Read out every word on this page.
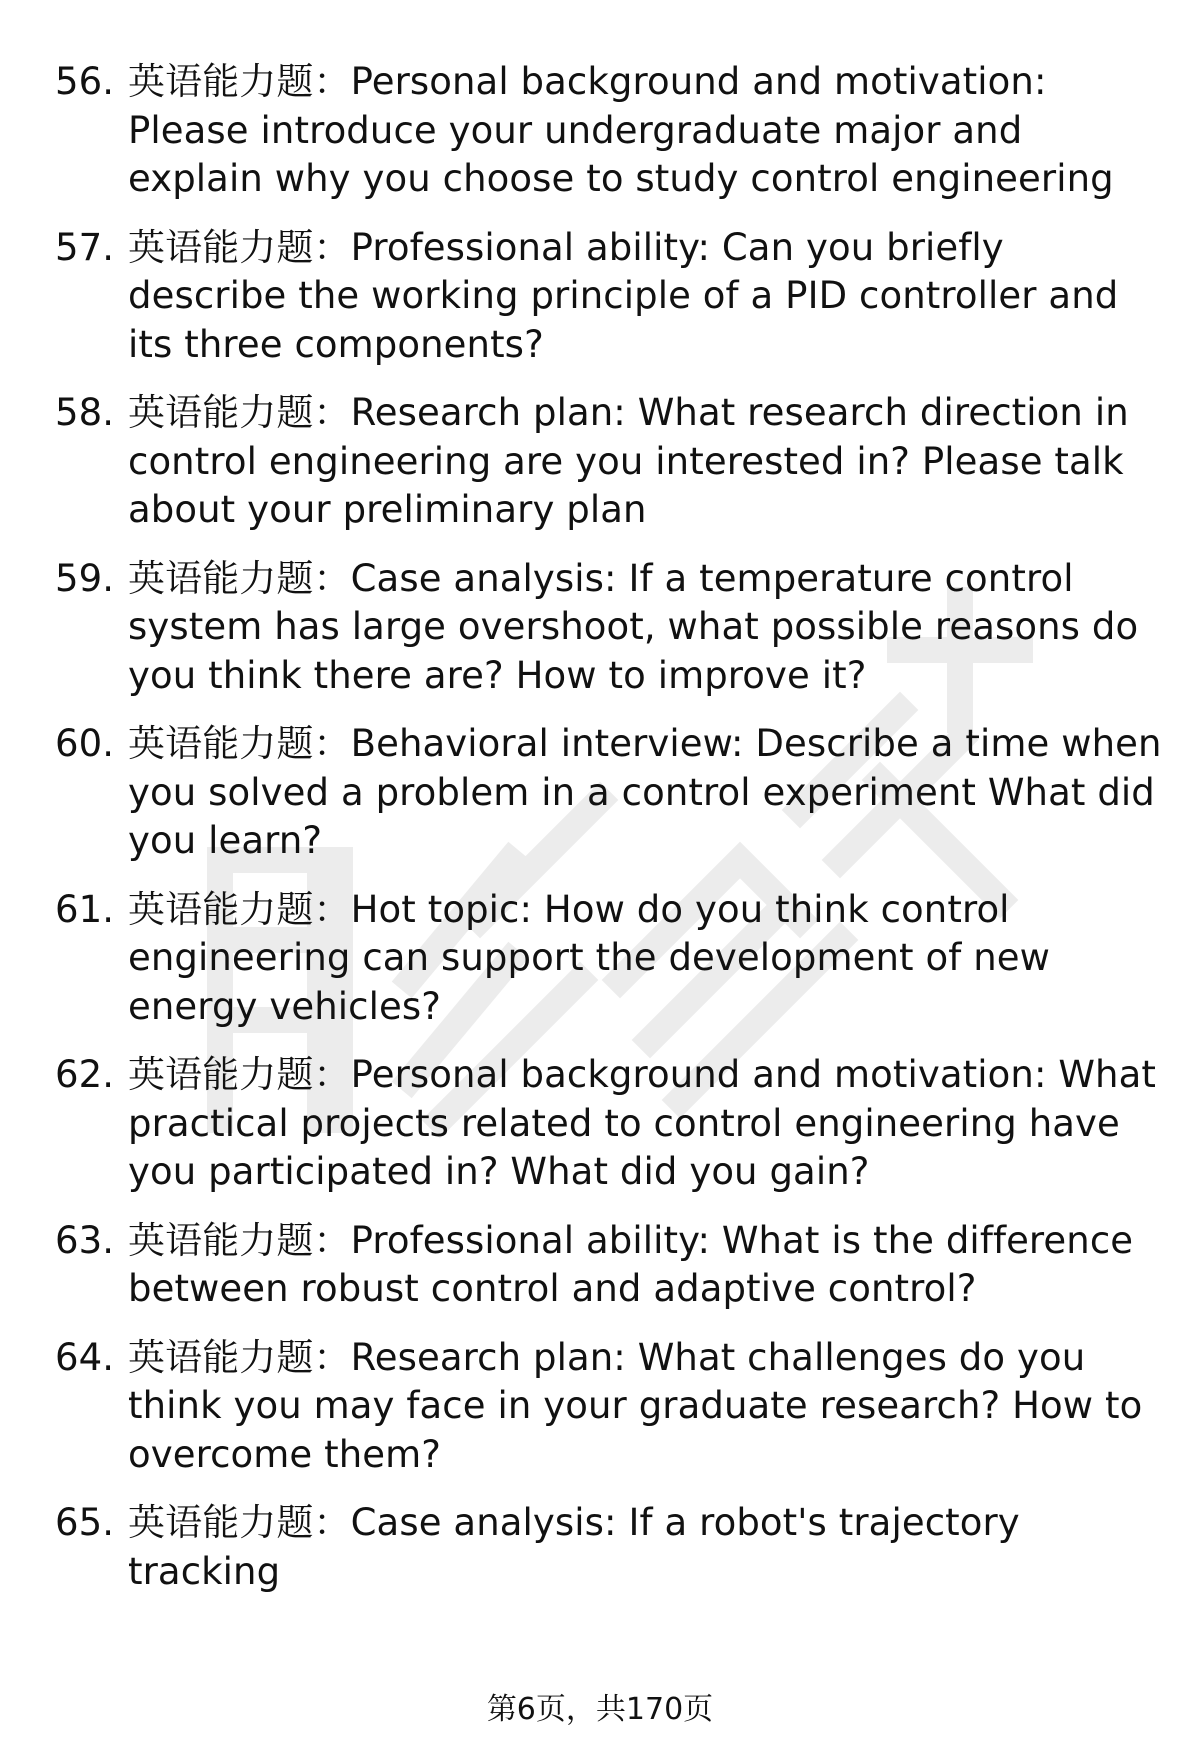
56. 英语能力题：Personal background and motivation: Please introduce your undergraduate major and explain why you choose to study control engineering
57. 英语能力题：Professional ability: Can you briefly describe the working principle of a PID controller and its three components?
58. 英语能力题：Research plan: What research direction in control engineering are you interested in? Please talk about your preliminary plan
59. 英语能力题：Case analysis: If a temperature control system has large overshoot, what possible reasons do you think there are? How to improve it?
60. 英语能力题：Behavioral interview: Describe a time when you solved a problem in a control experiment What did you learn?
61. 英语能力题：Hot topic: How do you think control engineering can support the development of new energy vehicles?
62. 英语能力题：Personal background and motivation: What practical projects related to control engineering have you participated in? What did you gain?
63. 英语能力题：Professional ability: What is the difference between robust control and adaptive control?
64. 英语能力题：Research plan: What challenges do you think you may face in your graduate research? How to overcome them?
65. 英语能力题：Case analysis: If a robot's trajectory tracking
第6页，共170页
